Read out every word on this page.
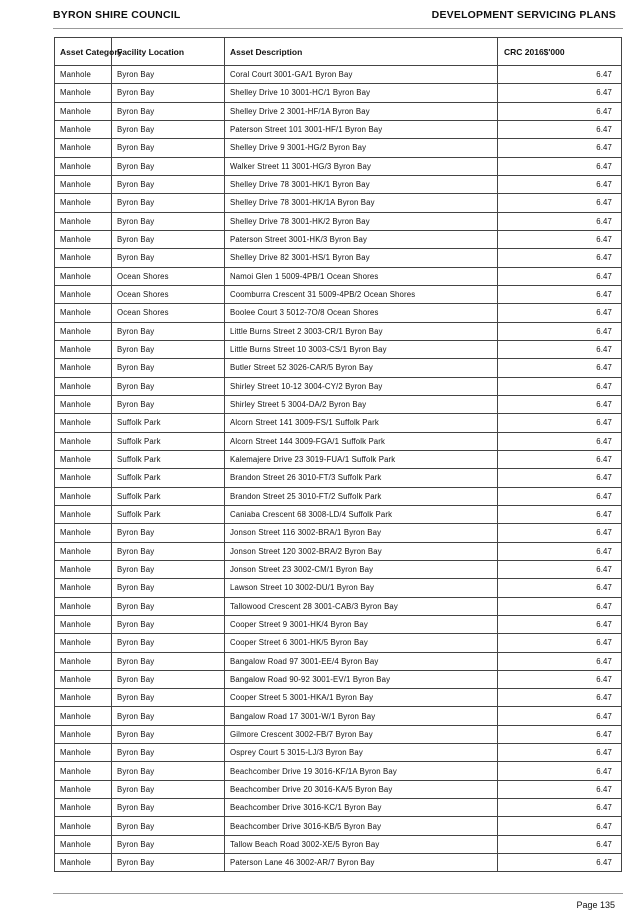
BYRON SHIRE COUNCIL	DEVELOPMENT SERVICING PLANS
Asset Category	Facility Location	Asset Description	CRC 2016$'000
Manhole	Byron Bay	Coral Court 3001-GA/1 Byron Bay	6.47
Manhole	Byron Bay	Shelley Drive 10 3001-HC/1 Byron Bay	6.47
Manhole	Byron Bay	Shelley Drive 2 3001-HF/1A Byron Bay	6.47
Manhole	Byron Bay	Paterson Street 101 3001-HF/1 Byron Bay	6.47
Manhole	Byron Bay	Shelley Drive 9 3001-HG/2 Byron Bay	6.47
Manhole	Byron Bay	Walker Street 11 3001-HG/3 Byron Bay	6.47
Manhole	Byron Bay	Shelley Drive 78 3001-HK/1 Byron Bay	6.47
Manhole	Byron Bay	Shelley Drive 78 3001-HK/1A Byron Bay	6.47
Manhole	Byron Bay	Shelley Drive 78 3001-HK/2 Byron Bay	6.47
Manhole	Byron Bay	Paterson Street 3001-HK/3 Byron Bay	6.47
Manhole	Byron Bay	Shelley Drive 82 3001-HS/1 Byron Bay	6.47
Manhole	Ocean Shores	Namoi Glen 1 5009-4PB/1 Ocean Shores	6.47
Manhole	Ocean Shores	Coomburra Crescent 31 5009-4PB/2 Ocean Shores	6.47
Manhole	Ocean Shores	Boolee Court 3 5012-7O/8 Ocean Shores	6.47
Manhole	Byron Bay	Little Burns Street 2 3003-CR/1 Byron Bay	6.47
Manhole	Byron Bay	Little Burns Street 10 3003-CS/1 Byron Bay	6.47
Manhole	Byron Bay	Butler Street 52 3026-CAR/5 Byron Bay	6.47
Manhole	Byron Bay	Shirley Street 10-12 3004-CY/2 Byron Bay	6.47
Manhole	Byron Bay	Shirley Street 5 3004-DA/2 Byron Bay	6.47
Manhole	Suffolk Park	Alcorn Street 141 3009-FS/1 Suffolk Park	6.47
Manhole	Suffolk Park	Alcorn Street 144 3009-FGA/1 Suffolk Park	6.47
Manhole	Suffolk Park	Kalemajere Drive 23 3019-FUA/1 Suffolk Park	6.47
Manhole	Suffolk Park	Brandon Street 26 3010-FT/3 Suffolk Park	6.47
Manhole	Suffolk Park	Brandon Street 25 3010-FT/2 Suffolk Park	6.47
Manhole	Suffolk Park	Caniaba Crescent 68 3008-LD/4 Suffolk Park	6.47
Manhole	Byron Bay	Jonson Street 116 3002-BRA/1 Byron Bay	6.47
Manhole	Byron Bay	Jonson Street 120 3002-BRA/2 Byron Bay	6.47
Manhole	Byron Bay	Jonson Street 23 3002-CM/1 Byron Bay	6.47
Manhole	Byron Bay	Lawson Street 10 3002-DU/1 Byron Bay	6.47
Manhole	Byron Bay	Tallowood Crescent 28 3001-CAB/3 Byron Bay	6.47
Manhole	Byron Bay	Cooper Street 9 3001-HK/4 Byron Bay	6.47
Manhole	Byron Bay	Cooper Street 6 3001-HK/5 Byron Bay	6.47
Manhole	Byron Bay	Bangalow Road 97 3001-EE/4 Byron Bay	6.47
Manhole	Byron Bay	Bangalow Road 90-92 3001-EV/1 Byron Bay	6.47
Manhole	Byron Bay	Cooper Street 5 3001-HKA/1 Byron Bay	6.47
Manhole	Byron Bay	Bangalow Road 17 3001-W/1 Byron Bay	6.47
Manhole	Byron Bay	Gilmore Crescent 3002-FB/7 Byron Bay	6.47
Manhole	Byron Bay	Osprey Court 5 3015-LJ/3 Byron Bay	6.47
Manhole	Byron Bay	Beachcomber Drive 19 3016-KF/1A Byron Bay	6.47
Manhole	Byron Bay	Beachcomber Drive 20 3016-KA/5 Byron Bay	6.47
Manhole	Byron Bay	Beachcomber Drive 3016-KC/1 Byron Bay	6.47
Manhole	Byron Bay	Beachcomber Drive 3016-KB/5 Byron Bay	6.47
Manhole	Byron Bay	Tallow Beach Road 3002-XE/5 Byron Bay	6.47
Manhole	Byron Bay	Paterson Lane 46 3002-AR/7 Byron Bay	6.47
Page 135
